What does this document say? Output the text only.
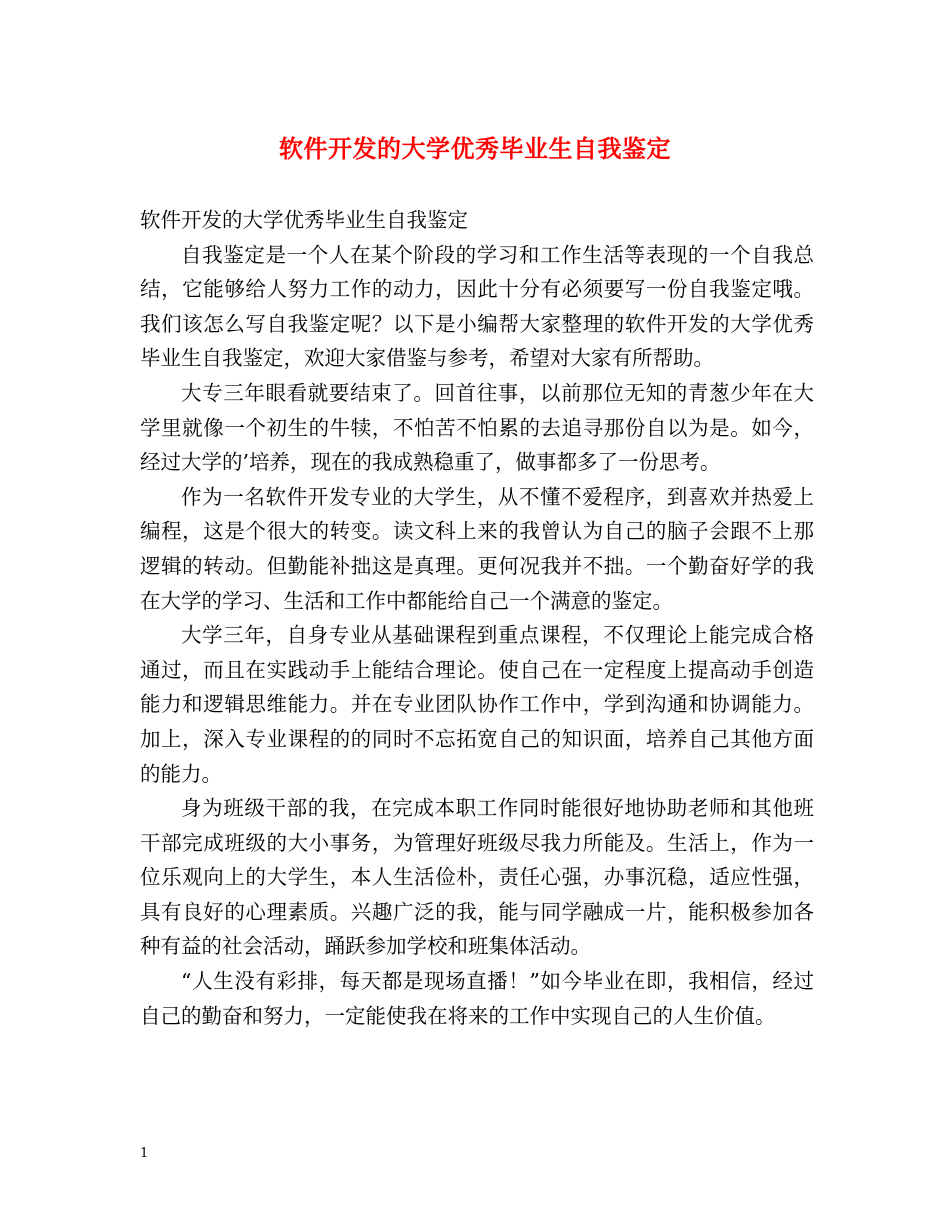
软件开发的大学优秀毕业生自我鉴定

软件开发的大学优秀毕业生自我鉴定

自我鉴定是一个人在某个阶段的学习和工作生活等表现的一个自我总结，它能够给人努力工作的动力，因此十分有必须要写一份自我鉴定哦。我们该怎么写自我鉴定呢？以下是小编帮大家整理的软件开发的大学优秀毕业生自我鉴定，欢迎大家借鉴与参考，希望对大家有所帮助。

大专三年眼看就要结束了。回首往事，以前那位无知的青葱少年在大学里就像一个初生的牛犊，不怕苦不怕累的去追寻那份自以为是。如今，经过大学的’培养，现在的我成熟稳重了，做事都多了一份思考。

作为一名软件开发专业的大学生，从不懂不爱程序，到喜欢并热爱上编程，这是个很大的转变。读文科上来的我曾认为自己的脑子会跟不上那逻辑的转动。但勤能补拙这是真理。更何况我并不拙。一个勤奋好学的我在大学的学习、生活和工作中都能给自己一个满意的鉴定。

大学三年，自身专业从基础课程到重点课程，不仅理论上能完成合格通过，而且在实践动手上能结合理论。使自己在一定程度上提高动手创造能力和逻辑思维能力。并在专业团队协作工作中，学到沟通和协调能力。加上，深入专业课程的的同时不忘拓宽自己的知识面，培养自己其他方面的能力。

身为班级干部的我，在完成本职工作同时能很好地协助老师和其他班干部完成班级的大小事务，为管理好班级尽我力所能及。生活上，作为一位乐观向上的大学生，本人生活俭朴，责任心强，办事沉稳，适应性强，具有良好的心理素质。兴趣广泛的我，能与同学融成一片，能积极参加各种有益的社会活动，踊跃参加学校和班集体活动。

“人生没有彩排，每天都是现场直播！”如今毕业在即，我相信，经过自己的勤奋和努力，一定能使我在将来的工作中实现自己的人生价值。

1
